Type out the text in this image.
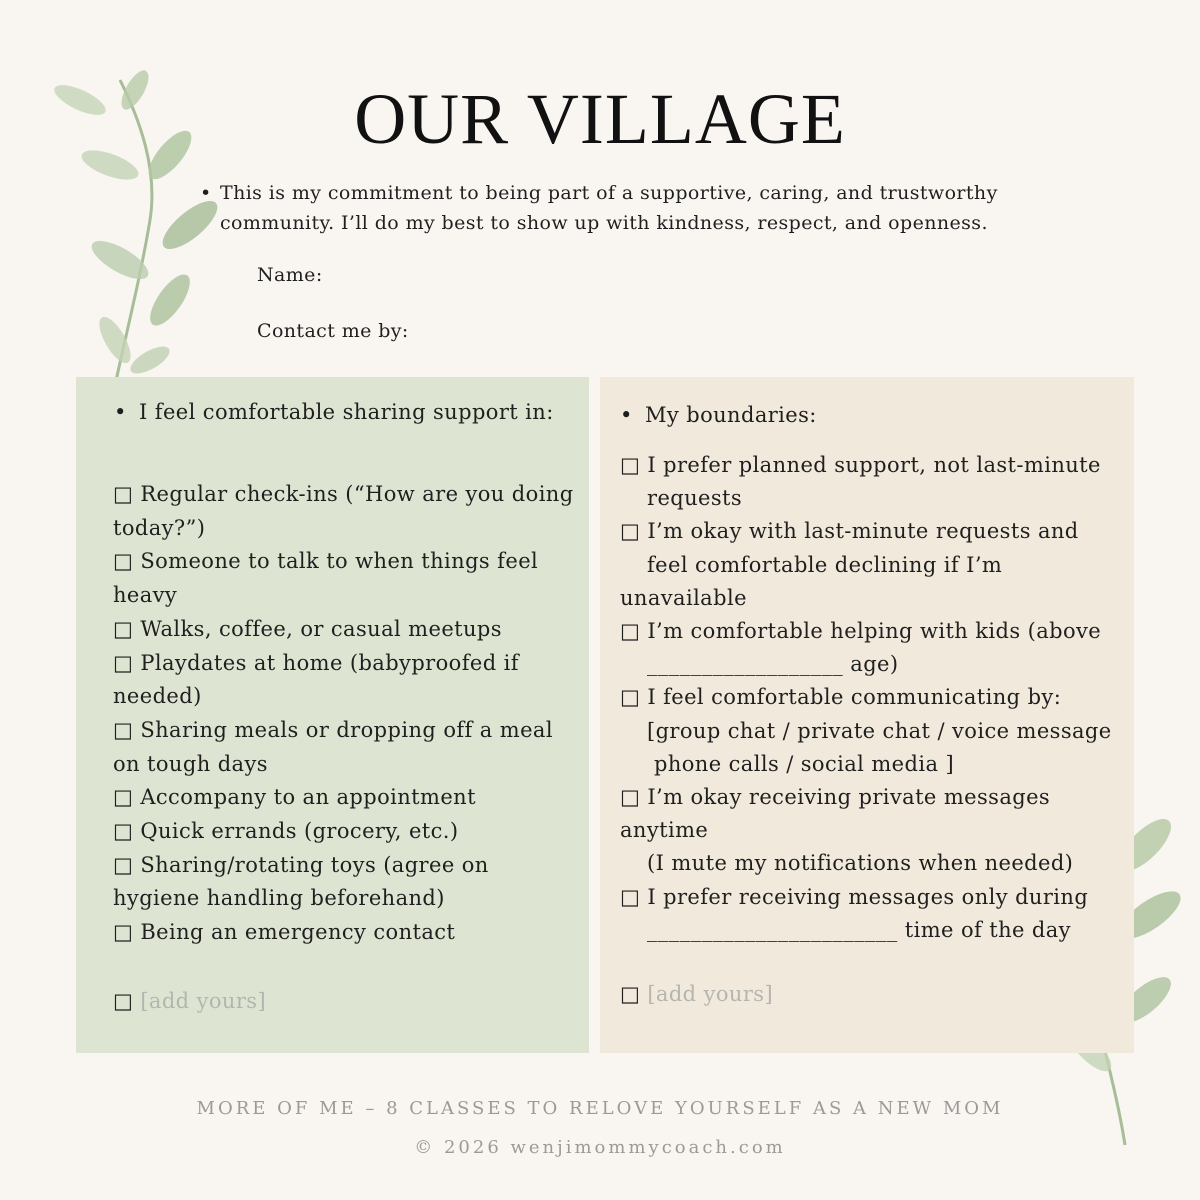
OUR VILLAGE
• This is my commitment to being part of a supportive, caring, and trustworthy community. I’ll do my best to show up with kindness, respect, and openness.
Name:
Contact me by:
• I feel comfortable sharing support in:
□ Regular check-ins (“How are you doing today?”)
□ Someone to talk to when things feel heavy
□ Walks, coffee, or casual meetups
□ Playdates at home (babyproofed if needed)
□ Sharing meals or dropping off a meal on tough days
□ Accompany to an appointment
□ Quick errands (grocery, etc.)
□ Sharing/rotating toys (agree on hygiene handling beforehand)
□ Being an emergency contact
□ [add yours]
• My boundaries:
□ I prefer planned support, not last-minute
requests
□ I’m okay with last-minute requests and
feel comfortable declining if I’m
unavailable
□ I’m comfortable helping with kids (above
__________________ age)
□ I feel comfortable communicating by:
[group chat / private chat / voice message
phone calls / social media ]
□ I’m okay receiving private messages
anytime
(I mute my notifications when needed)
□ I prefer receiving messages only during
_______________________ time of the day
□ [add yours]
MORE OF ME – 8 CLASSES TO RELOVE YOURSELF AS A NEW MOM
© 2026 wenjimommycoach.com
